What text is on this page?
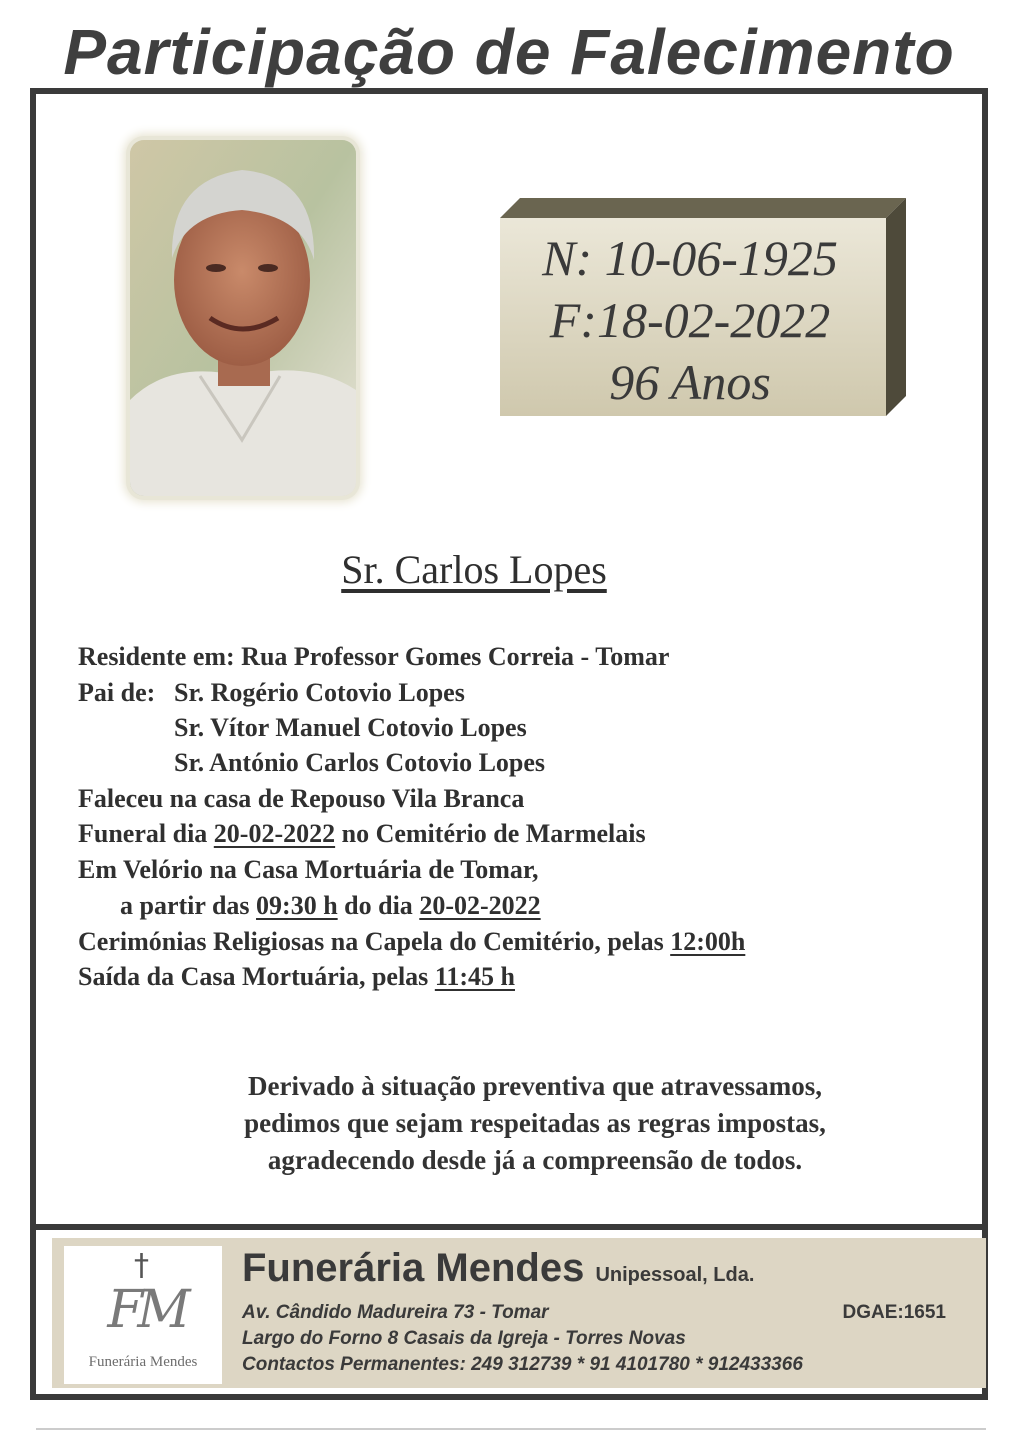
Participação de Falecimento
N: 10-06-1925
F:18-02-2022
96 Anos
Sr. Carlos Lopes
Residente em: Rua Professor Gomes Correia - Tomar
Pai de: Sr. Rogério Cotovio Lopes
Sr. Vítor Manuel Cotovio Lopes
Sr. António Carlos Cotovio Lopes
Faleceu na casa de Repouso Vila Branca
Funeral dia 20-02-2022 no Cemitério de Marmelais
Em Velório na Casa Mortuária de Tomar,
a partir das 09:30 h do dia 20-02-2022
Cerimónias Religiosas na Capela do Cemitério, pelas 12:00h
Saída da Casa Mortuária, pelas 11:45 h
Derivado à situação preventiva que atravessamos,
pedimos que sejam respeitadas as regras impostas,
agradecendo desde já a compreensão de todos.
†
FM
Funerária Mendes
Funerária Mendes Unipessoal, Lda.
Av. Cândido Madureira 73 - Tomar	DGAE:1651
Largo do Forno 8 Casais da Igreja - Torres Novas
Contactos Permanentes: 249 312739 * 91 4101780 * 912433366
